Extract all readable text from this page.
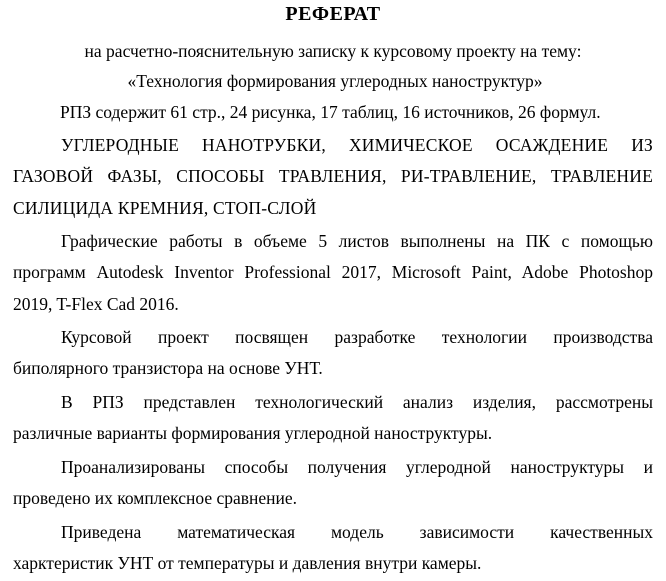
РЕФЕРАТ
на расчетно-пояснительную записку к курсовому проекту на тему:
«Технология формирования углеродных наноструктур»
РПЗ содержит 61 стр., 24 рисунка, 17 таблиц, 16 источников, 26 формул.
УГЛЕРОДНЫЕ НАНОТРУБКИ, ХИМИЧЕСКОЕ ОСАЖДЕНИЕ ИЗ
ГАЗОВОЙ ФАЗЫ, СПОСОБЫ ТРАВЛЕНИЯ, РИ-ТРАВЛЕНИЕ, ТРАВЛЕНИЕ
СИЛИЦИДА КРЕМНИЯ, СТОП-СЛОЙ
Графические работы в объеме 5 листов выполнены на ПК с помощью
программ Autodesk Inventor Professional 2017, Microsoft Paint, Adobe Photoshop
2019, T-Flex Cad 2016.
Курсовой проект посвящен разработке технологии производства
биполярного транзистора на основе УНТ.
В РПЗ представлен технологический анализ изделия, рассмотрены
различные варианты формирования углеродной наноструктуры.
Проанализированы способы получения углеродной наноструктуры и
проведено их комплексное сравнение.
Приведена математическая модель зависимости качественных
харктеристик УНТ от температуры и давления внутри камеры.
